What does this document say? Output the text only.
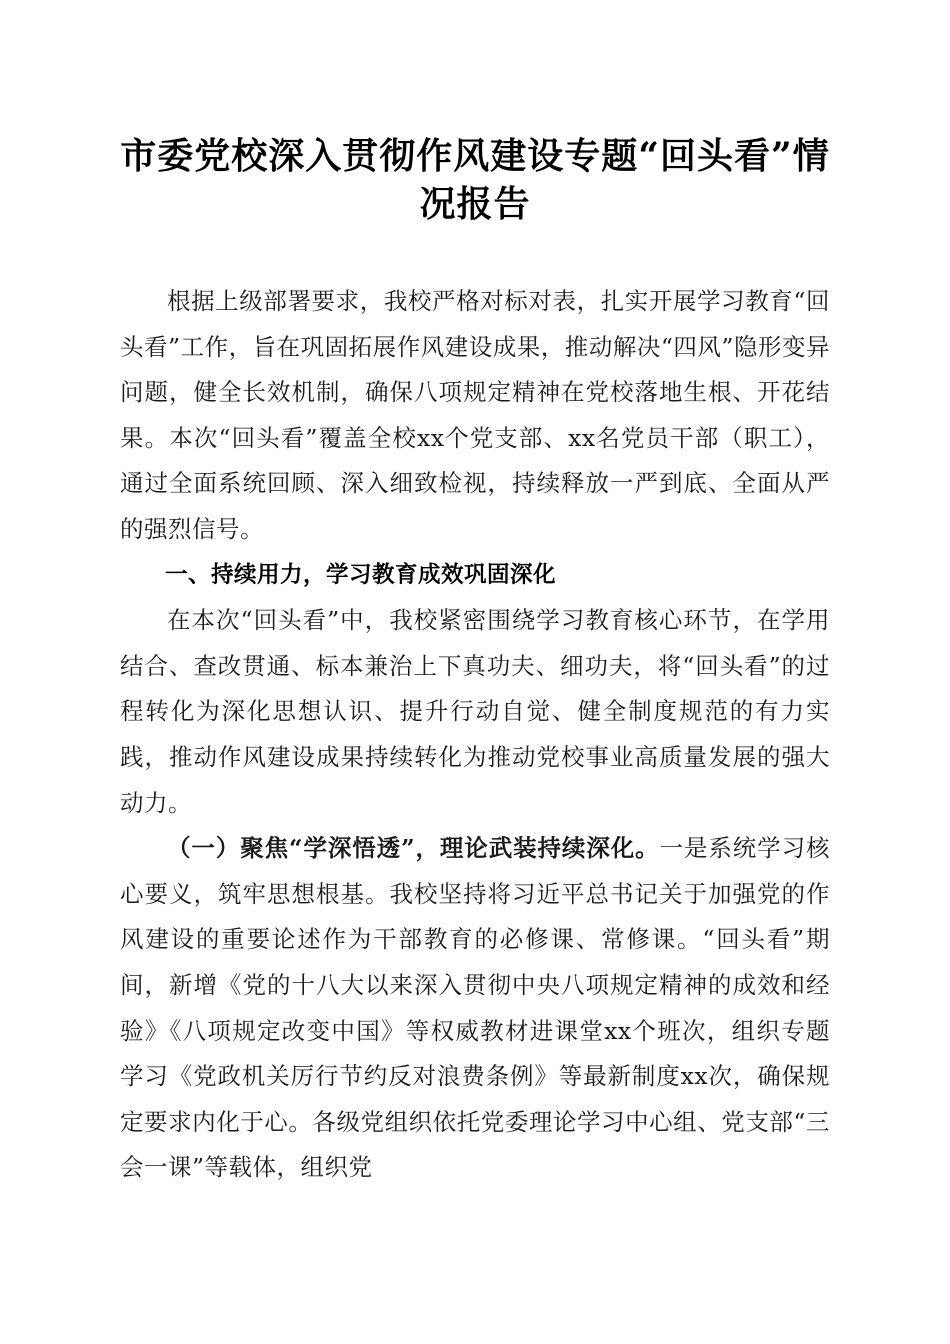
市委党校深入贯彻作风建设专题“回头看”情况报告

根据上级部署要求，我校严格对标对表，扎实开展学习教育“回头看”工作，旨在巩固拓展作风建设成果，推动解决“四风”隐形变异问题，健全长效机制，确保八项规定精神在党校落地生根、开花结果。本次“回头看”覆盖全校xx个党支部、xx名党员干部（职工），通过全面系统回顾、深入细致检视，持续释放一严到底、全面从严的强烈信号。

一、持续用力，学习教育成效巩固深化

在本次“回头看”中，我校紧密围绕学习教育核心环节，在学用结合、查改贯通、标本兼治上下真功夫、细功夫，将“回头看”的过程转化为深化思想认识、提升行动自觉、健全制度规范的有力实践，推动作风建设成果持续转化为推动党校事业高质量发展的强大动力。

（一）聚焦“学深悟透”，理论武装持续深化。一是系统学习核心要义，筑牢思想根基。我校坚持将习近平总书记关于加强党的作风建设的重要论述作为干部教育的必修课、常修课。“回头看”期间，新增《党的十八大以来深入贯彻中央八项规定精神的成效和经验》《八项规定改变中国》等权威教材进课堂xx个班次，组织专题学习《党政机关厉行节约反对浪费条例》等最新制度xx次，确保规定要求内化于心。各级党组织依托党委理论学习中心组、党支部“三会一课”等载体，组织党
